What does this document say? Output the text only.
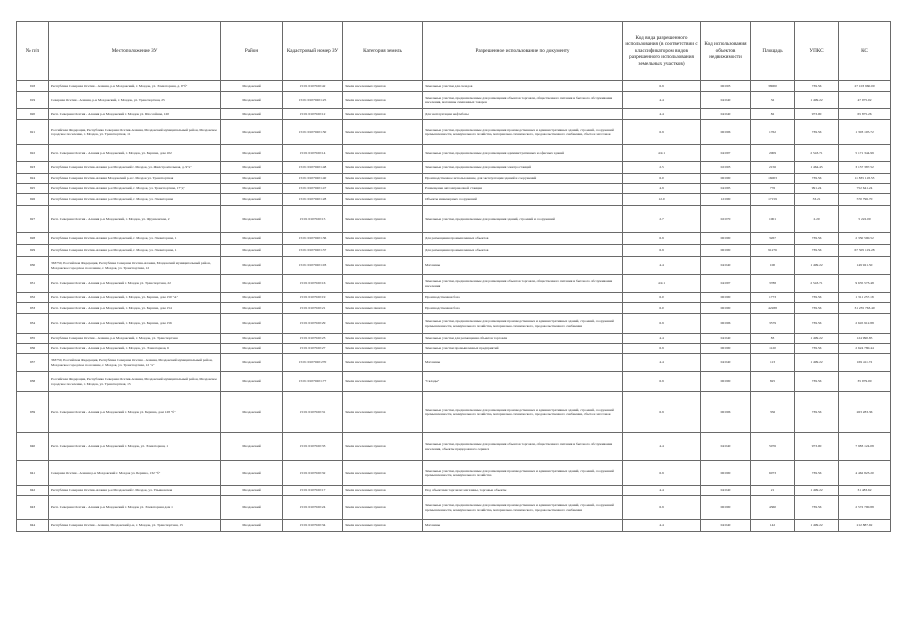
№ п/п	Местоположение ЗУ	Район	Кадастровый номер ЗУ	Категория земель	Разрешенное использование по документу	Код вида разрешенного использования (в соответствии с классификатором видов разрешенного использования земельных участков)	Код использования объектов недвижимости	Площадь	УПКС	КС
918	Республика Северная Осетия - Алания, р-н Моздокский, г. Моздок, ул. Элеваторная, д. 9"б"	Моздокский	15:01:0107020:42	Земли населенных пунктов	Земельные участки для складов	6.9	06:003	38000	739.56	27 103 960.00
919	Северная Осетия - Алания, р-н Моздокский, г. Моздок, ул. Транспортная, 25	Моздокский	15:01:0107020:125	Земли населенных пунктов	Земельные участки, предназначенные для размещения объектов торговли, общественного питания и бытового обслуживания населения, магазины смешанных товаров	4.4	04:040	32	1 499.22	47 975.02
920	Респ. Северная Осетия - Алания р-н Моздокский г. Моздок ул. Шоссейная, 120	Моздокский	15:01:0107020:12	Земли населенных пунктов	Для эксплуатации нефтебазы	4.4	04:040	82	973.00	65 875.26
921	Российская Федерация, Республика Северная Осетия-Алания, Моздокский муниципальный район, Моздокское городское поселение, г. Моздок, ул. Транспортная, 11	Моздокский	15:01:0107020:150	Земли населенных пунктов	Земельные участки, предназначенные для размещения производственных и административных зданий, строений, сооружений промышленности, коммунального хозяйства, материально-технического, продовольственного снабжения, сбыта и заготовок	6.9	06:006	1762	739.56	1 303 105.72
922	Респ. Северная Осетия - Алания р-н Моздокский, г. Моздок, ул. Бершна, дом 102	Моздокский	15:01:0107020:14	Земли населенных пунктов	Земельные участки, предназначенные для размещения административных и офисных зданий	4.9.1	04:097	2009	2 543.71	5 171 344.99
923	Республика Северная Осетия-Алания р-н Моздокский г. Моздок, ул. Жилстроительная, д. 9"а"	Моздокский	15:01:0107020:148	Земли населенных пунктов	Земельные участки, предназначенные для размещения электростанций	2.5	02:003	2156	1 464.45	3 157 387.52
924	Республика Северная Осетия-Алания Моздокский р-н г. Моздок ул. Транспортная	Моздокский	15:01:0107020:140	Земли населенных пунктов	Производственное использование, для эксплуатации зданий и сооружений	6.0	06:000	16003	739.56	11 835 118.53
925	Республика Северная Осетия-Алания р-н Моздокский, г. Моздок, ул. Транспортная, 17"д"	Моздокский	15:01:0107020:147	Земли населенных пунктов	Размещение автозаправочной станции	4.9	04:095	776	991.24	752 641.24
926	Республика Северная Осетия-Алания р-н Моздокский, г. Моздок, ул. Элеваторная	Моздокский	15:01:0107020:128	Земли населенных пунктов	Объекты инженерных сооружений	12.0	12:000	17159	33.21	570 796.70
927	Респ. Северная Осетия - Алания р-н Моздокский, г. Моздок, ул. Фрунзенская, 2	Моздокский	15:01:0107020:15	Земли населенных пунктов	Земельные участки, предназначенные для размещения зданий, строений и сооружений	2.7	02:070	1001	2.20	5 222.00
928	Республика Северная Осетия-Алания р-н Моздокский, г. Моздок, ул. Элеваторная, 1	Моздокский	15:01:0107020:136	Земли населенных пунктов	Для размещения промышленных объектов	6.9	06:000	3267	739.56	2 350 590.52
929	Республика Северная Осетия-Алания р-н Моздокский, г. Моздок, ул. Элеваторная, 1	Моздокский	15:01:0107020:137	Земли населенных пунктов	Для размещения промышленных объектов	6.9	06:000	91276	739.56	67 505 119.28
930	363750, Российская Федерация, Республика Северная Осетия-Алания, Моздокский муниципальный район, Моздокское городское поселение, г. Моздок, ул. Транспортная, 12	Моздокский	15:01:0107020:103	Земли населенных пунктов	Магазины	4.4	04:040	100	1 499.22	149 921.50
931	Респ. Северная Осетия - Алания р-н Моздокский г. Моздок ул. Транспортная, 22	Моздокский	15:01:0107020:16	Земли населенных пунктов	Земельные участки, предназначенные для размещения объектов торговли, общественного питания и бытового обслуживания населения	4.9.1	04:097	3788	2 543.71	9 635 573.48
932	Респ. Северная Осетия - Алания р-н Моздокский, г. Моздок, ул. Бершна, дом 150 "А"	Моздокский	15:01:0107020:19	Земли населенных пунктов	Производственная база	6.0	06:000	1773	739.56	1 311 257.18
933	Респ. Северная Осетия - Алания р-н Моздокский, г. Моздок, ул. Бершна, дом 154	Моздокский	15:01:0107020:21	Земли населенных пunктов	Производственная база	6.0	06:000	42288	739.56	31 235 763.40
934	Респ. Северная Осетия - Алания р-н Моздокский, г. Моздок, ул. Бершна, дом 156	Моздокский	15:01:0107020:29	Земли населенных пунктов	Земельные участки, предназначенные для размещения производственных и административных зданий, строений, сооружений промышленности, коммунального хозяйства, материально-технического, продовольственного снабжения	6.9	06:006	3579	739.56	2 645 912.88
935	Республика Северная Осетия - Алания, р-н Моздокский, г. Моздок, ул. Транспортная	Моздокский	15:01:0107020:23	Земли населенных пунктов	Земельные участки для размещения объектов торговли	4.4	04:040	83	1 499.22	124 990.85
936	Респ. Северная Осетия - Алания р-н Моздокский, г. Моздок, ул. Элеваторная, 6	Моздокский	15:01:0107020:27	Земли населенных пунктов	Земельные участки промышленных предприятий	6.9	06:000	1120	739.56	2 624 780.44
937	363750, Российская Федерация, Республика Северная Осетия - Алания, Моздокский муниципальный район, Моздокское городское поселение, г. Моздок, ул. Транспортная, 12 "а"	Моздокский	15:01:0107020:270	Земли населенных пунктов	Магазины	4.4	04:040	113	1 499.22	169 411.72
938	Российская Федерация, Республика Северная Осетия-Алания, Моздокский муниципальный район, Моздокское городское поселение, г. Моздок, ул. Транспортная, 15	Моздокский	15:01:0107020:177	Земли населенных пунктов	"Склады"	6.9	06:000	825	739.56	35 979.00
939	Респ. Северная Осетия - Алания р-н Моздокский г. Моздок ул. Бершна, дом 128 "б"	Моздокский	15:01:0107020:31	Земли населенных пунктов	Земельные участки, предназначенные для размещения производственных и административных зданий, строений, сооружений промышленности, коммунального хозяйства, материально-технического, продовольственного снабжения, сбыта и заготовок	6.9	06:006	356	739.56	263 283.36
940	Респ. Северная Осетия - Алания р-н Моздокский г. Моздок, ул. Элеваторная, 1	Моздокский	15:01:0107020:33	Земли населенных пунктов	Земельные участки, предназначенные для размещения объектов торговли, общественного питания и бытового обслуживания населения, объекты придорожного сервиса	4.4	04:040	5076	973.00	7 983 124.08
941	Северная Осетия - Алания р-н Моздокский г. Моздок ул. Бершна, 132 "б"	Моздокский	15:01:0107020:32	Земли населенных пунктов	Земельные участки, предназначенные для размещения производственных и административных зданий, строений, сооружений промышленности, коммунального хозяйства	6.9	06:000	6073	739.56	4 462 823.20
942	Республика Северная Осетия-Алания р-н Моздокский г. Моздок, ул. Ульяновская	Моздокский	15:01:0107020:17	Земли населенных пунктов	Под объектами торговли: магазины, торговые объекты	4.4	04:040	21	1 499.22	31 483.62
943	Респ. Северная Осетия - Алания р-н Моздокский г. Моздок ул. Элеваторная дом 1	Моздокский	15:01:0107020:24	Земли населенных пунктов	Земельные участки, предназначенные для размещения производственных и административных зданий, строений, сооружений промышленности, коммунального хозяйства, материально-технического, продовольственного снабжения	6.9	06:000	4360	739.56	2 572 790.88
944	Республика Северная Осетия - Алания, Моздокский р-н, г. Моздок, ул. Транспортная, 15	Моздокский	15:01:0107020:34	Земли населенных пунктов	Магазины	4.4	04:040	142	1 499.22	212 887.92
